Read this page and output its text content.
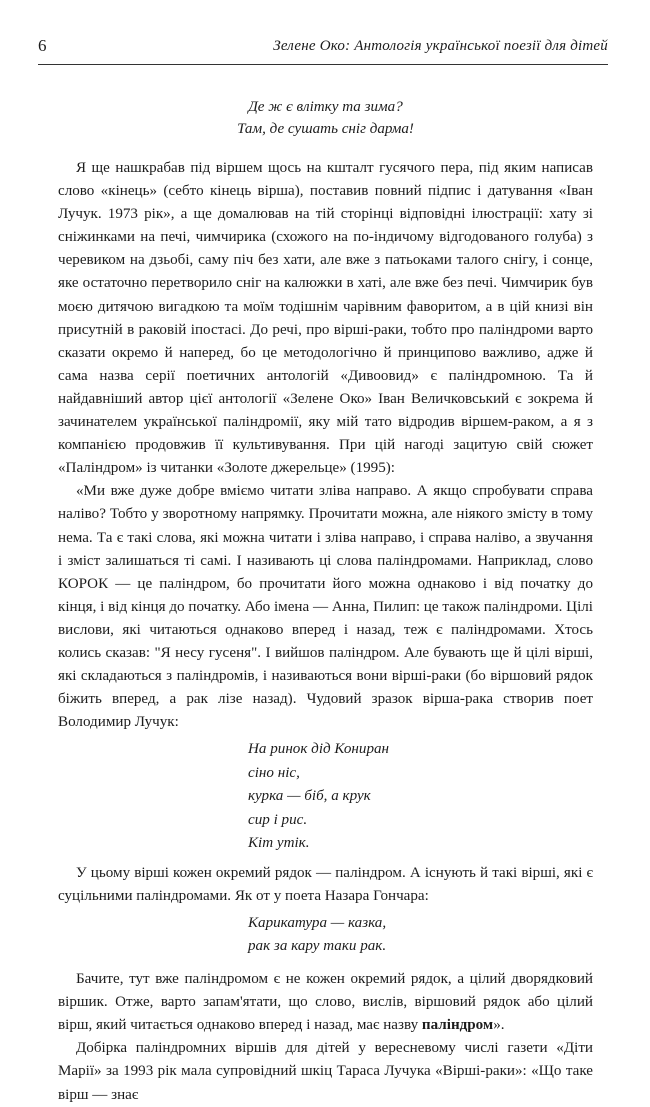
6	Зелене Око: Антологія української поезії для дітей
Де ж є влітку та зима?
Там, де сушать сніг дарма!

Я ще нашкрабав під віршем щось на кшталт гусячого пера, під яким написав слово «кінець» (себто кінець вірша), поставив повний підпис і датування «Іван Лучук. 1973 рік», а ще домалював на тій сторінці відповідні ілюстрації: хату зі сніжинками на печі, чимчирика (схожого на по-індичому відгодованого голуба) з черевиком на дзьобі, саму піч без хати, але вже з патьоками талого снігу, і сонце, яке остаточно перетворило сніг на калюжки в хаті, але вже без печі. Чимчирик був моєю дитячою вигадкою та моїм тодішнім чарівним фаворитом, а в цій книзі він присутній в раковій іпостасі. До речі, про вірші-раки, тобто про паліндроми варто сказати окремо й наперед, бо це методологічно й принципово важливо, адже й сама назва серії поетичних антологій «Дивоовид» є паліндромною. Та й найдавніший автор цієї антології «Зелене Око» Іван Величковський є зокрема й зачинателем української паліндромії, яку мій тато відродив віршем-раком, а я з компанією продовжив її культивування. При цій нагоді зацитую свій сюжет «Паліндром» із читанки «Золоте джерельце» (1995):

«Ми вже дуже добре вміємо читати зліва направо. А якщо спробувати справа наліво? Тобто у зворотному напрямку. Прочитати можна, але ніякого змісту в тому нема. Та є такі слова, які можна читати і зліва направо, і справа наліво, а звучання і зміст залишаться ті самі. І називають ці слова паліндромами. Наприклад, слово КОРОК — це паліндром, бо прочитати його можна однаково і від початку до кінця, і від кінця до початку. Або імена — Анна, Пилип: це також паліндроми. Цілі вислови, які читаються однаково вперед і назад, теж є паліндромами. Хтось колись сказав: "Я несу гусеня". І вийшов паліндром. Але бувають ще й цілі вірші, які складаються з паліндромів, і називаються вони вірші-раки (бо віршовий рядок біжить вперед, а рак лізе назад). Чудовий зразок вірша-рака створив поет Володимир Лучук:

На ринок дід Кониран
сіно ніс,
курка — біб, а крук
сир і рис.
Кіт утік.

У цьому вірші кожен окремий рядок — паліндром. А існують й такі вірші, які є суцільними паліндромами. Як от у поета Назара Гончара:

Карикатура — казка,
рак за кару таки рак.

Бачите, тут вже паліндромом є не кожен окремий рядок, а цілий дворядковий віршик. Отже, варто запам'ятати, що слово, вислів, віршовий рядок або цілий вірш, який читається однаково вперед і назад, має назву паліндром».

Добірка паліндромних віршів для дітей у вересневому числі газети «Діти Марії» за 1993 рік мала супровідний шкіц Тараса Лучука «Вірші-раки»: «Що таке вірш — знає
